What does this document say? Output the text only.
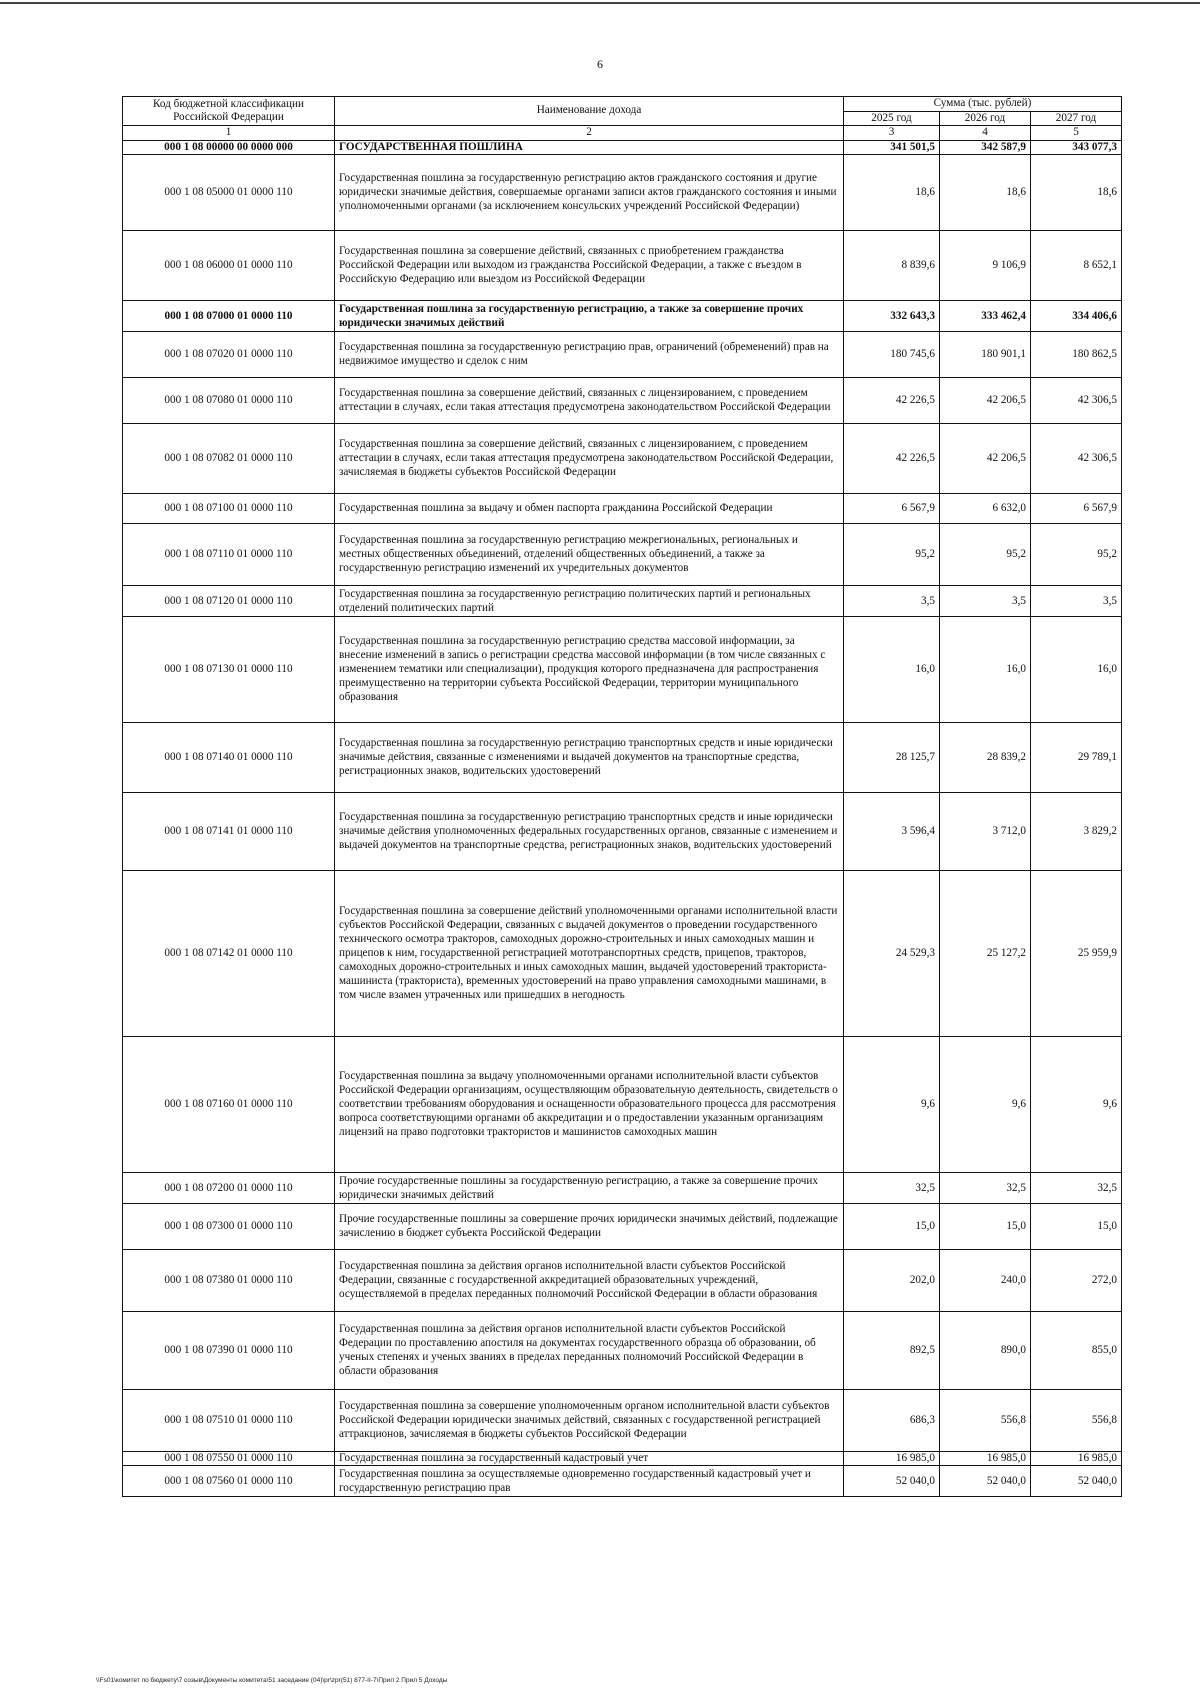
6
Код бюджетной классификации Российской Федерации	Наименование дохода	Сумма (тыс. рублей)		
		2025 год	2026 год	2027 год
1	2	3	4	5
000 1 08 00000 00 0000 000	ГОСУДАРСТВЕННАЯ ПОШЛИНА	341 501,5	342 587,9	343 077,3
000 1 08 05000 01 0000 110	Государственная пошлина за государственную регистрацию актов гражданского состояния и другие юридически значимые действия, совершаемые органами записи актов гражданского состояния и иными уполномоченными органами (за исключением консульских учреждений Российской Федерации)	18,6	18,6	18,6
000 1 08 06000 01 0000 110	Государственная пошлина за совершение действий, связанных с приобретением гражданства Российской Федерации или выходом из гражданства Российской Федерации, а также с въездом в Российскую Федерацию или выездом из Российской Федерации	8 839,6	9 106,9	8 652,1
000 1 08 07000 01 0000 110	Государственная пошлина за государственную регистрацию, а также за совершение прочих юридически значимых действий	332 643,3	333 462,4	334 406,6
000 1 08 07020 01 0000 110	Государственная пошлина за государственную регистрацию прав, ограничений (обременений) прав на недвижимое имущество и сделок с ним	180 745,6	180 901,1	180 862,5
000 1 08 07080 01 0000 110	Государственная пошлина за совершение действий, связанных с лицензированием, с проведением аттестации в случаях, если такая аттестация предусмотрена законодательством Российской Федерации	42 226,5	42 206,5	42 306,5
000 1 08 07082 01 0000 110	Государственная пошлина за совершение действий, связанных с лицензированием, с проведением аттестации в случаях, если такая аттестация предусмотрена законодательством Российской Федерации, зачисляемая в бюджеты субъектов Российской Федерации	42 226,5	42 206,5	42 306,5
000 1 08 07100 01 0000 110	Государственная пошлина за выдачу и обмен паспорта гражданина Российской Федерации	6 567,9	6 632,0	6 567,9
000 1 08 07110 01 0000 110	Государственная пошлина за государственную регистрацию межрегиональных, региональных и местных общественных объединений, отделений общественных объединений, а также за государственную регистрацию изменений их учредительных документов	95,2	95,2	95,2
000 1 08 07120 01 0000 110	Государственная пошлина за государственную регистрацию политических партий и региональных отделений политических партий	3,5	3,5	3,5
000 1 08 07130 01 0000 110	Государственная пошлина за государственную регистрацию средства массовой информации, за внесение изменений в запись о регистрации средства массовой информации (в том числе связанных с изменением тематики или специализации), продукция которого предназначена для распространения преимущественно на территории субъекта Российской Федерации, территории муниципального образования	16,0	16,0	16,0
000 1 08 07140 01 0000 110	Государственная пошлина за государственную регистрацию транспортных средств и иные юридически значимые действия, связанные с изменениями и выдачей документов на транспортные средства, регистрационных знаков, водительских удостоверений	28 125,7	28 839,2	29 789,1
000 1 08 07141 01 0000 110	Государственная пошлина за государственную регистрацию транспортных средств и иные юридически значимые действия уполномоченных федеральных государственных органов, связанные с изменением и выдачей документов на транспортные средства, регистрационных знаков, водительских удостоверений	3 596,4	3 712,0	3 829,2
000 1 08 07142 01 0000 110	Государственная пошлина за совершение действий уполномоченными органами исполнительной власти субъектов Российской Федерации, связанных с выдачей документов о проведении государственного технического осмотра тракторов, самоходных дорожно-строительных и иных самоходных машин и прицепов к ним, государственной регистрацией мототранспортных средств, прицепов, тракторов, самоходных дорожно-строительных и иных самоходных машин, выдачей удостоверений тракториста-машиниста (тракториста), временных удостоверений на право управления самоходными машинами, в том числе взамен утраченных или пришедших в негодность	24 529,3	25 127,2	25 959,9
000 1 08 07160 01 0000 110	Государственная пошлина за выдачу уполномоченными органами исполнительной власти субъектов Российской Федерации организациям, осуществляющим образовательную деятельность, свидетельств о соответствии требованиям оборудования и оснащенности образовательного процесса для рассмотрения вопроса соответствующими органами об аккредитации и о предоставлении указанным организациям лицензий на право подготовки трактористов и машинистов самоходных машин	9,6	9,6	9,6
000 1 08 07200 01 0000 110	Прочие государственные пошлины за государственную регистрацию, а также за совершение прочих юридически значимых действий	32,5	32,5	32,5
000 1 08 07300 01 0000 110	Прочие государственные пошлины за совершение прочих юридически значимых действий, подлежащие зачислению в бюджет субъекта Российской Федерации	15,0	15,0	15,0
000 1 08 07380 01 0000 110	Государственная пошлина за действия органов исполнительной власти субъектов Российской Федерации, связанные с государственной аккредитацией образовательных учреждений, осуществляемой в пределах переданных полномочий Российской Федерации в области образования	202,0	240,0	272,0
000 1 08 07390 01 0000 110	Государственная пошлина за действия органов исполнительной власти субъектов Российской Федерации по проставлению апостиля на документах государственного образца об образовании, об ученых степенях и ученых званиях в пределах переданных полномочий Российской Федерации в области образования	892,5	890,0	855,0
000 1 08 07510 01 0000 110	Государственная пошлина за совершение уполномоченным органом исполнительной власти субъектов Российской Федерации юридически значимых действий, связанных с государственной регистрацией аттракционов, зачисляемая в бюджеты субъектов Российской Федерации	686,3	556,8	556,8
000 1 08 07550 01 0000 110	Государственная пошлина за государственный кадастровый учет	16 985,0	16 985,0	16 985,0
000 1 08 07560 01 0000 110	Государственная пошлина за осуществляемые одновременно государственный кадастровый учет и государственную регистрацию прав	52 040,0	52 040,0	52 040,0
\\Fs01\комитет по бюджету\7 созыв\Документы комитета\51 заседание (04)\pr\zpr(51) 877-II-7\Прил 2 Прил 5 Доходы
